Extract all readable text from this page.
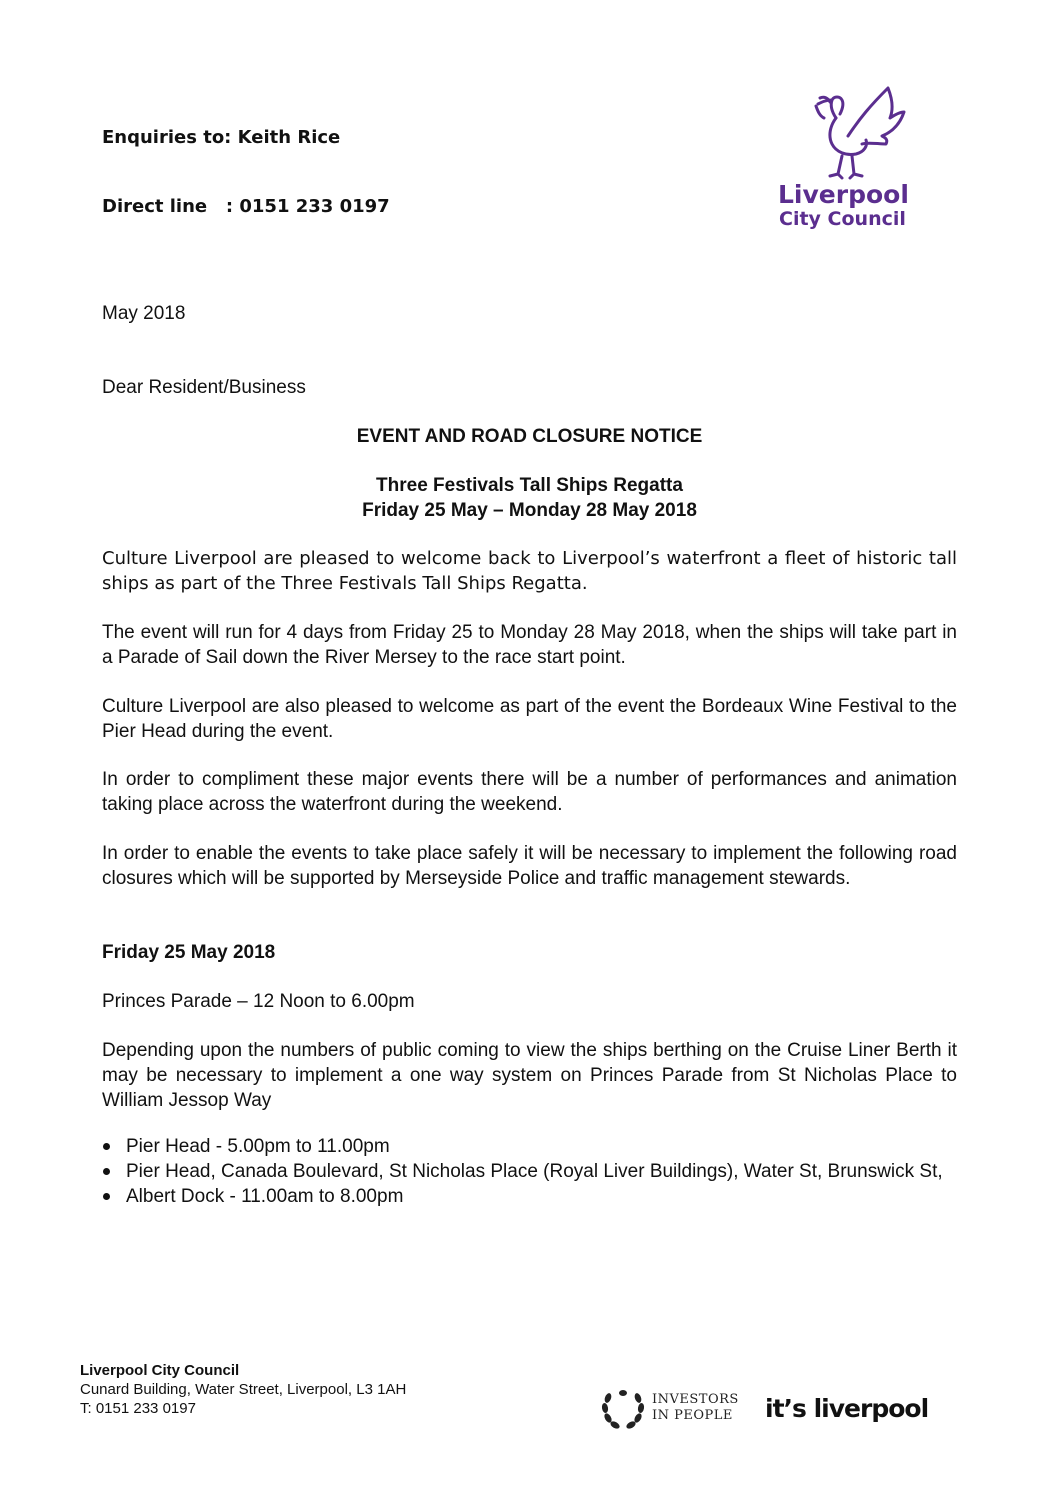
Enquiries to: Keith Rice

Direct line   : 0151 233 0197

	Liverpool
City Council
May 2018
Dear Resident/Business
EVENT AND ROAD CLOSURE NOTICE
Three Festivals Tall Ships Regatta
Friday 25 May – Monday 28 May 2018
Culture Liverpool are pleased to welcome back to Liverpool’s waterfront a fleet of historic tall ships as part of the Three Festivals Tall Ships Regatta.
The event will run for 4 days from Friday 25 to Monday 28 May 2018, when the ships will take part in a Parade of Sail down the River Mersey to the race start point.
Culture Liverpool are also pleased to welcome as part of the event the Bordeaux Wine Festival to the Pier Head during the event.
In order to compliment these major events there will be a number of performances and animation taking place across the waterfront during the weekend.
In order to enable the events to take place safely it will be necessary to implement the following road closures which will be supported by Merseyside Police and traffic management stewards.
Friday 25 May 2018
Princes Parade – 12 Noon to 6.00pm
Depending upon the numbers of public coming to view the ships berthing on the Cruise Liner Berth it may be necessary to implement a one way system on Princes Parade from St Nicholas Place to William Jessop Way
Pier Head - 5.00pm to 11.00pm
Pier Head, Canada Boulevard, St Nicholas Place (Royal Liver Buildings), Water St, Brunswick St,
Albert Dock - 11.00am to 8.00pm
Liverpool City Council
Cunard Building, Water Street, Liverpool, L3 1AH
T: 0151 233 0197
INVESTORS
IN PEOPLE it’s liverpool
